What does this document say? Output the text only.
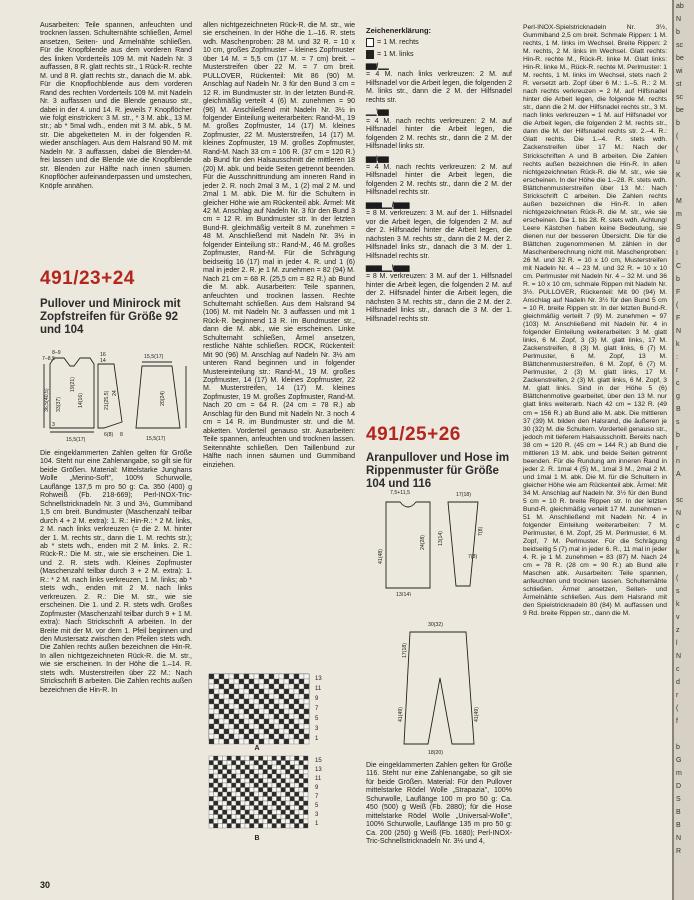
Ausarbeiten: Teile spannen, anfeuchten und trocknen lassen. Schulternähte schließen, Ärmel ansetzen, Seiten- und Ärmelnähte schließen. Für die Knopfblende aus dem vorderen Rand des linken Vorderteils 109 M. mit Nadeln Nr. 3 auffassen, 8 R. glatt rechts str., 1 Rück-R. rechte M. und 8 R. glatt rechts str., danach die M. abk. Für die Knopflochblende aus dem vorderen Rand des rechten Vorderteils 109 M. mit Nadeln Nr. 3 auffassen und die Blende genauso str., dabei in der 4. und 14. R. jeweils 7 Knopflöcher wie folgt einstricken: 3 M. str., * 3 M. abk., 13 M. str.; ab * 5mal wdh., enden mit 3 M. abk., 5 M. str. Die abgeketteten M. in der folgenden R. wieder anschlagen. Aus dem Halsrand 90 M. mit Nadeln Nr. 3 auffassen, dabei die Blenden-M. frei lassen und die Blende wie die Knopfblende str. Blenden zur Hälfte nach innen säumen. Knopflöcher aufeinanderpassen und umstechen, Knöpfe annähen.

491/23+24
Pullover und Minirock mit Zopfstreifen für Größe 92 und 104
8–9
7–8,5
16
14
15,5(17)
15,5(17)
19(21)
14(16)
36,5(40,5) 33(37)	21(25,5) 24
6(8) 8
3
20(24)
15,5(17)

Die eingeklammerten Zahlen gelten für Größe 104. Steht nur eine Zahlenangabe, so gilt sie für beide Größen. Material: Mittelstarke Junghans Wolle „Merino-Soft", 100% Schurwolle, Lauflänge 137,5 m pro 50 g: Ca. 350 (400) g Rohweiß (Fb. 218-669); Perl-INOX-Tric-Schnellstricknadeln Nr. 3 und 3½, Gummiband 1,5 cm breit. Bundmuster (Maschenzahl teilbar durch 4 + 2 M. extra): 1. R.: Hin-R.: * 2 M. links, 2 M. nach links verkreuzen (= die 2. M. hinter der 1. M. rechts str., dann die 1. M. rechts str.); ab * stets wdh., enden mit 2 M. links. 2. R.: Rück-R.: Die M. str., wie sie erscheinen. Die 1. und 2. R. stets wdh. Kleines Zopfmuster (Maschenzahl teilbar durch 3 + 2 M. extra): 1. R.: * 2 M. nach links verkreuzen, 1 M. links; ab * stets wdh., enden mit 2 M. nach links verkreuzen. 2. R.: Die M. str., wie sie erscheinen. Die 1. und 2. R. stets wdh. Großes Zopfmuster (Maschenzahl teilbar durch 9 + 1 M. extra): Nach Strickschrift A arbeiten. In der Breite mit der M. vor dem 1. Pfeil beginnen und den Mustersatz zwischen den Pfeilen stets wdh. Die Zahlen rechts außen bezeichnen die Hin-R. In allen nichtgezeichneten Rück-R. die M. str., wie sie erscheinen. In der Höhe die 1.–14. R. stets wdh. Musterstreifen über 22 M.: Nach Strickschrift B arbeiten. Die Zahlen rechts außen bezeichnen die Hin-R. In

allen nichtgezeichneten Rück-R. die M. str., wie sie erscheinen. In der Höhe die 1.–16. R. stets wdh. Maschenproben: 28 M. und 32 R. = 10 x 10 cm, großes Zopfmuster – kleines Zopfmuster über 14 M. = 5,5 cm (17 M. = 7 cm) breit. – Musterstreifen über 22 M. = 7 cm breit. PULLOVER, Rückenteil: Mit 86 (90) M. Anschlag auf Nadeln Nr. 3 für den Bund 3 cm = 12 R. im Bundmuster str. In der letzten Bund-R. gleichmäßig verteilt 4 (6) M. zunehmen = 90 (96) M. Anschließend mit Nadeln Nr. 3½ in folgender Einteilung weiterarbeiten: Rand-M., 19 M. großes Zopfmuster, 14 (17) M. kleines Zopfmuster, 22 M. Musterstreifen, 14 (17) M. kleines Zopfmuster, 19 M. großes Zopfmuster, Rand-M. Nach 33 cm = 106 R. (37 cm = 120 R.) ab Bund für den Halsausschnitt die mittleren 18 (20) M. abk. und beide Seiten getrennt beenden. Für die Ausschnittrundung am inneren Rand in jeder 2. R. noch 2mal 3 M., 1 (2) mal 2 M. und 2mal 1 M. abk. Die M. für die Schultern in gleicher Höhe wie am Rückenteil abk. Ärmel: Mit 42 M. Anschlag auf Nadeln Nr. 3 für den Bund 3 cm = 12 R. im Bundmuster str. In der letzten Bund-R. gleichmäßig verteilt 8 M. zunehmen = 48 M. Anschließend mit Nadeln Nr. 3½ in folgender Einteilung str.: Rand-M., 46 M. großes Zopfmuster, Rand-M. Für die Schrägung beidseitig 16 (17) mal in jeder 4. R. und 1 (6) mal in jeder 2. R. je 1 M. zunehmen = 82 (94) M. Nach 21 cm = 68 R. (25,5 cm = 82 R.) ab Bund die M. abk. Ausarbeiten: Teile spannen, anfeuchten und trocknen lassen. Rechte Schulternaht schließen. Aus dem Halsrand 94 (106) M. mit Nadeln Nr. 3 auffassen und mit 1 Rück-R. beginnend 13 R. im Bundmuster str., dann die M. abk., wie sie erscheinen. Linke Schulternaht schließen, Ärmel ansetzen, restliche Nähte schließen. ROCK, Rückenteil: Mit 90 (96) M. Anschlag auf Nadeln Nr. 3½ am unteren Rand beginnen und in folgender Mustereinteilung str.: Rand-M., 19 M. großes Zopfmuster, 14 (17) M. kleines Zopfmuster, 22 M. Musterstreifen, 14 (17) M. kleines Zopfmuster, 19 M. großes Zopfmuster, Rand-M. Nach 20 cm = 64 R. (24 cm = 78 R.) ab Anschlag für den Bund mit Nadeln Nr. 3 noch 4 cm = 14 R. im Bundmuster str. und die M. abketten. Vorderteil genauso str. Ausarbeiten: Teile spannen, anfeuchten und trocknen lassen. Seitennähte schließen. Den Taillenbund zur Hälfte nach innen säumen und Gummiband einziehen.

13
11
9
7
5
3
1
15
13
11
9
7
5
3
1
A
B

Zeichenerklärung:

= 1 M. rechts
= 1 M. links
▆▆/▁▁

= 4 M. nach links verkreuzen: 2 M. auf Hilfsnadel vor die Arbeit legen, die folgenden 2 M. links str., dann die 2 M. der Hilfsnadel rechts str.

▁▁\▆▆

= 4 M. nach rechts verkreuzen: 2 M. auf Hilfsnadel hinter die Arbeit legen, die folgenden 2 M. rechts str., dann die 2 M. der Hilfsnadel links str.

▆▆\▆▆

= 4 M. nach rechts verkreuzen: 2 M. auf Hilfsnadel hinter die Arbeit legen, die folgenden 2 M. rechts str., dann die 2 M. der Hilfsnadel rechts str.

▆▆▆▁▁/▆▆▆

= 8 M. verkreuzen: 3 M. auf der 1. Hilfsnadel vor die Arbeit legen, die folgenden 2 M. auf der 2. Hilfsnadel hinter die Arbeit legen, die nächsten 3 M. rechts str., dann die 2 M. der 2. Hilfsnadel links str., danach die 3 M. der 1. Hilfsnadel rechts str.

▆▆▆▁▁\▆▆▆

= 8 M. verkreuzen: 3 M. auf der 1. Hilfsnadel hinter die Arbeit legen, die folgenden 2 M. auf der 2. Hilfsnadel hinter die Arbeit legen, die nächsten 3 M. rechts str., dann die 2 M. der 2. Hilfsnadel links str., danach die 3 M. der 1. Hilfsnadel rechts str.

491/25+26
Aranpullover und Hose im Rippenmuster für Größe 104 und 116
7,5+11,5	17(18)
41(48)
24(28) 13(14)
7(8)
13(14)
7(8)
30(32)
17(18)
41(49)
18(20)
41(49)

Die eingeklammerten Zahlen gelten für Größe 116. Steht nur eine Zahlenangabe, so gilt sie für beide Größen. Material: Für den Pullover mittelstarke Rödel Wolle „Strapazia", 100% Schurwolle, Lauflänge 100 m pro 50 g: Ca. 450 (500) g Weiß (Fb. 2880); für die Hose mittelstarke Rödel Wolle „Universal-Wolle", 100% Schurwolle, Lauflänge 135 m pro 50 g: Ca. 200 (250) g Weiß (Fb. 1680); Perl-INOX-Tric-Schnellstricknadeln Nr. 3½ und 4,

Perl-INOX-Spielstricknadeln Nr. 3½, Gummiband 2,5 cm breit. Schmale Rippen: 1 M. rechts, 1 M. links im Wechsel. Breite Rippen: 2 M. rechts, 2 M. links im Wechsel. Glatt rechts: Hin-R. rechte M., Rück-R. linke M. Glatt links: Hin-R. linke M., Rück-R. rechte M. Perlmuster: 1 M. rechts, 1 M. links im Wechsel, stets nach 2 R. versetzt arb. Zopf über 6 M.: 1.–5. R.: 2 M. nach rechts verkreuzen = 2 M. auf Hilfsnadel hinter die Arbeit legen, die folgende M. rechts str., dann die 2 M. der Hilfsnadel rechts str., 3 M. nach links verkreuzen = 1 M. auf Hilfsnadel vor die Arbeit legen, die folgenden 2 M. rechts str., dann die M. der Hilfsnadel rechts str. 2.–4. R.: Glatt rechts. Die 1.–4. R. stets wdh. Zackenstreifen über 17 M.: Nach der Strickschriften A und B arbeiten. Die Zahlen rechts außen bezeichnen die Hin-R. In allen nichtgezeichneten Rück-R. die M. str., wie sie erscheinen. In der Höhe die 1.–28. R. stets wdh. Blättchenmusterstreifen über 13 M.: Nach Strickschrift C arbeiten. Die Zahlen rechts außen bezeichnen die Hin-R. In allen nichtgezeichneten Rück-R. die M. str., wie sie erscheinen. Die 1. bis 28. R. stets wdh. Achtung! Leere Kästchen haben keine Bedeutung, sie dienen nur der besseren Übersicht. Die für die Blättchen zugenommenen M. zählen in der Maschenberechnung nicht mit. Maschenproben: 26 M. und 32 R. = 10 x 10 cm, Musterstreifen mit Nadeln Nr. 4 – 23 M. und 32 R. = 10 x 10 cm. Perlmuster mit Nadeln Nr. 4 – 32 M. und 36 R. = 10 x 10 cm, schmale Rippen mit Nadeln Nr. 3½. PULLOVER, Rückenteil: Mit 90 (94) M. Anschlag auf Nadeln Nr. 3½ für den Bund 5 cm = 10 R. breite Rippen str. In der letzten Bund-R. gleichmäßig verteilt 7 (9) M. zunehmen = 97 (103) M. Anschließend mit Nadeln Nr. 4 in folgender Einteilung weiterarbeiten: 3 M. glatt links, 6 M. Zopf, 3 (3) M. glatt links, 17 M. Zackenstreifen, 8 (3) M. glatt links, 6 (7) M. Perlmuster, 6 M. Zopf, 13 M. Blättchenmusterstreifen, 6 M. Zopf, 6 (7) M. Perlmuster, 2 (3) M. glatt links, 17 M. Zackenstreifen, 2 (3) M. glatt links, 6 M. Zopf, 3 M. glatt links. Sind in der Höhe 5 (6) Blättchenmotive gearbeitet, über den 13 M. nur glatt links weiterarb. Nach 42 cm = 132 R. (49 cm = 156 R.) ab Bund alle M. abk. Die mittleren 37 (39) M. bilden den Halsrand, die äußeren je 30 (32) M. die Schultern. Vorderteil genauso str., jedoch mit tieferem Halsausschnitt. Bereits nach 38 cm = 120 R. (45 cm = 144 R.) ab Bund die mittleren 13 M. abk. und beide Seiten getrennt beenden. Für die Rundung am inneren Rand in jeder 2. R. 1mal 4 (5) M., 1mal 3 M., 2mal 2 M. und 1mal 1 M. abk. Die M. für die Schultern in gleicher Höhe wie am Rückenteil abk. Ärmel: Mit 34 M. Anschlag auf Nadeln Nr. 3½ für den Bund 5 cm = 10 R. breite Rippen str. In der letzten Bund-R. gleichmäßig verteilt 17 M. zunehmen = 51 M. Anschließend mit Nadeln Nr. 4 in folgender Einteilung weiterarbeiten: 7 M. Perlmuster, 6 M. Zopf, 25 M. Perlmuster, 6 M. Zopf, 7 M. Perlmuster. Für die Schrägung beidseitig 5 (7) mal in jeder 6. R., 11 mal in jeder 4. R. je 1 M. zunehmen = 83 (87) M. Nach 24 cm = 78 R. (28 cm = 90 R.) ab Bund alle Maschen abk. Ausarbeiten: Teile spannen, anfeuchten und trocknen lassen. Schulternähte schließen. Ärmel ansetzen, Seiten- und Ärmelnähte schließen. Aus dem Halsrand mit den Spielstricknadeln 80 (84) M. auffassen und 9 Rd. breite Rippen str., dann die M.

30
ab
N
b
sc
be
wi
st
sc
be
b
(
(
u
K
'
M
m
S
d
I
C
b
F
(
F
N
k
:
r
c
g
B
s
b
r
n
A

sc
N
c
d
k
r
(
s
k
v
z
l
N
c
d
r
(
f

b
G
m
D
S
B
B
N
R
